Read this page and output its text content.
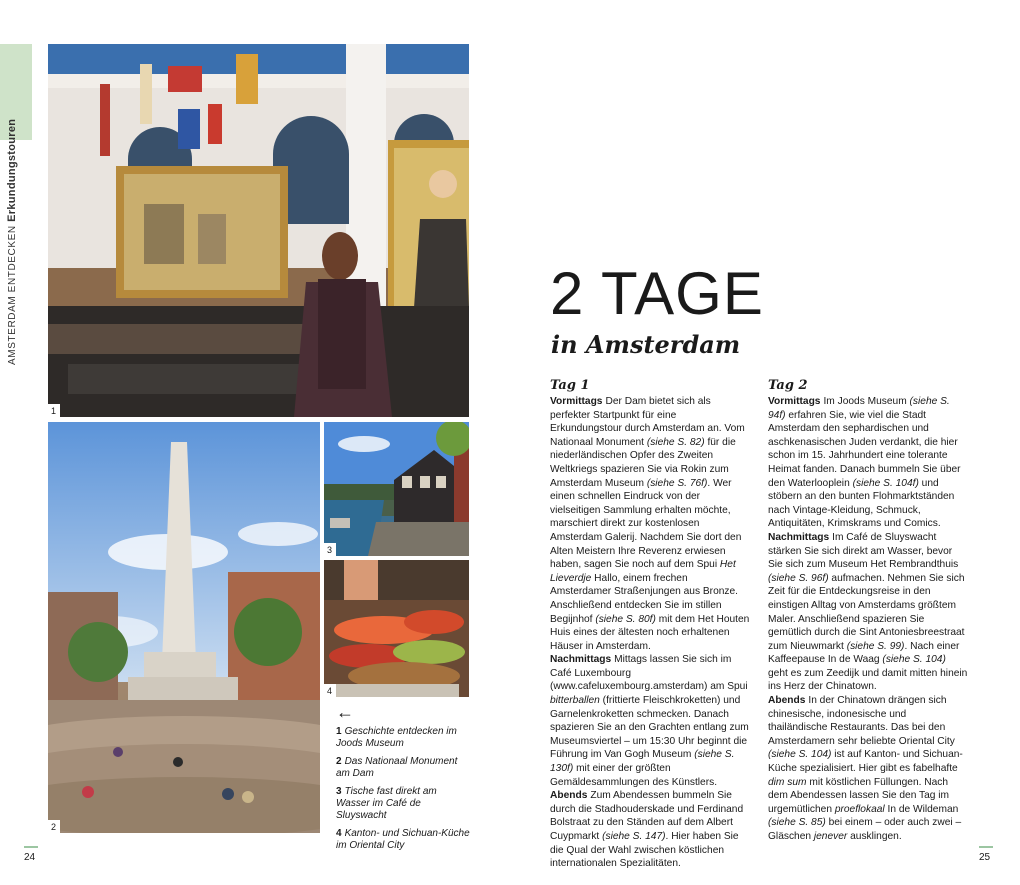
AMSTERDAM ENTDECKEN Erkundungstouren
1
2
3
4
←
1 Geschichte entdecken im Joods Museum
2 Das Nationaal Monument am Dam
3 Tische fast direkt am Wasser im Café de Sluyswacht
4 Kanton- und Sichuan-Küche im Oriental City
24	25
2 TAGE
in Amsterdam
Tag 1

Vormittags Der Dam bietet sich als perfekter Startpunkt für eine Erkundungstour durch Amsterdam an. Vom Nationaal Monument (siehe S. 82) für die niederländischen Opfer des Zweiten Weltkriegs spazieren Sie via Rokin zum Amsterdam Museum (siehe S. 76f). Wer einen schnellen Eindruck von der vielseitigen Sammlung erhalten möchte, marschiert direkt zur kostenlosen Amsterdam Galerij. Nachdem Sie dort den Alten Meistern Ihre Reverenz erwiesen haben, sagen Sie noch auf dem Spui Het Lieverdje Hallo, einem frechen Amsterdamer Straßenjungen aus Bronze. Anschließend entdecken Sie im stillen Begijnhof (siehe S. 80f) mit dem Het Houten Huis eines der ältesten noch erhaltenen Häuser in Amsterdam.

Nachmittags Mittags lassen Sie sich im Café Luxembourg (www.cafeluxembourg.amsterdam) am Spui bitterballen (frittierte Fleischkroketten) und Garnelenkroketten schmecken. Danach spazieren Sie an den Grachten entlang zum Museumsviertel – um 15:30 Uhr beginnt die Führung im Van Gogh Museum (siehe S. 130f) mit einer der größten Gemäldesammlungen des Künstlers.

Abends Zum Abendessen bummeln Sie durch die Stadhouderskade und Ferdinand Bolstraat zu den Ständen auf dem Albert Cuypmarkt (siehe S. 147). Hier haben Sie die Qual der Wahl zwischen köstlichen internationalen Spezialitäten.

Tag 2

Vormittags Im Joods Museum (siehe S. 94f) erfahren Sie, wie viel die Stadt Amsterdam den sephardischen und aschkenasischen Juden verdankt, die hier schon im 15. Jahrhundert eine tolerante Heimat fanden. Danach bummeln Sie über den Waterlooplein (siehe S. 104f) und stöbern an den bunten Flohmarktständen nach Vintage-Kleidung, Schmuck, Antiquitäten, Krimskrams und Comics.

Nachmittags Im Café de Sluyswacht stärken Sie sich direkt am Wasser, bevor Sie sich zum Museum Het Rembrandthuis (siehe S. 96f) aufmachen. Nehmen Sie sich Zeit für die Entdeckungsreise in den einstigen Alltag von Amsterdams größtem Maler. Anschließend spazieren Sie gemütlich durch die Sint Antoniesbreestraat zum Nieuwmarkt (siehe S. 99). Nach einer Kaffeepause In de Waag (siehe S. 104) geht es zum Zeedijk und damit mitten hinein ins Herz der Chinatown.

Abends In der Chinatown drängen sich chinesische, indonesische und thailändische Restaurants. Das bei den Amsterdamern sehr beliebte Oriental City (siehe S. 104) ist auf Kanton- und Sichuan-Küche spezialisiert. Hier gibt es fabelhafte dim sum mit köstlichen Füllungen. Nach dem Abendessen lassen Sie den Tag im urgemütlichen proeflokaal In de Wildeman (siehe S. 85) bei einem – oder auch zwei – Gläschen jenever ausklingen.
